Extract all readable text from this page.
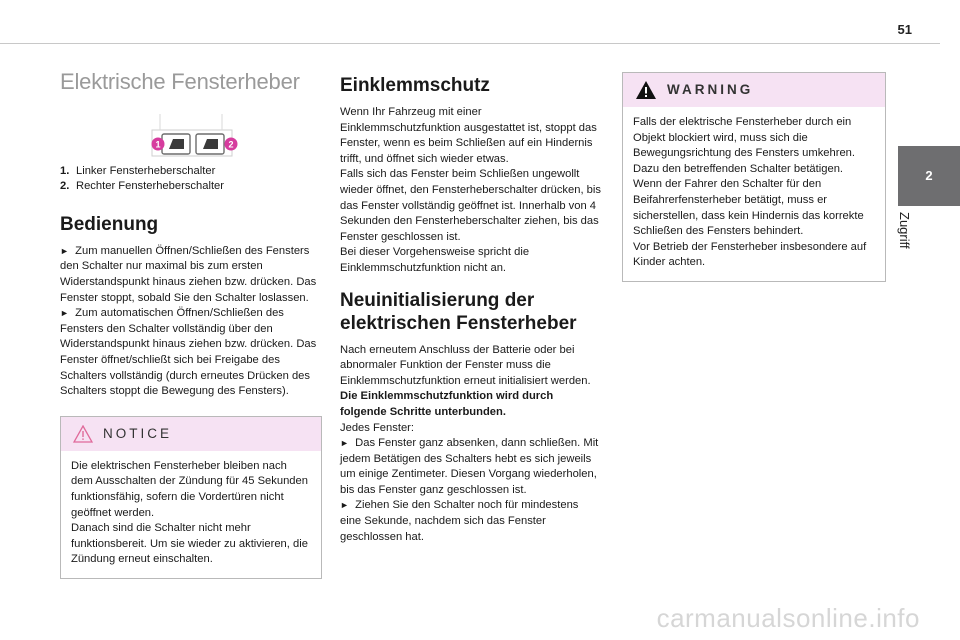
51
2
Zugriff
Elektrische Fensterheber
1	2
1. Linker Fensterheberschalter
2. Rechter Fensterheberschalter
Bedienung

► Zum manuellen Öffnen/Schließen des Fensters den Schalter nur maximal bis zum ersten Widerstandspunkt hinaus ziehen bzw. drücken. Das Fenster stoppt, sobald Sie den Schalter loslassen.

► Zum automatischen Öffnen/Schließen des Fensters den Schalter vollständig über den Widerstandspunkt hinaus ziehen bzw. drücken. Das Fenster öffnet/schließt sich bei Freigabe des Schalters vollständig (durch erneutes Drücken des Schalters stoppt die Bewegung des Fensters).

NOTICE

Die elektrischen Fensterheber bleiben nach dem Ausschalten der Zündung für 45 Sekunden funktionsfähig, sofern die Vordertüren nicht geöffnet werden.

Danach sind die Schalter nicht mehr funktionsbereit. Um sie wieder zu aktivieren, die Zündung erneut einschalten.

Einklemmschutz

Wenn Ihr Fahrzeug mit einer Einklemmschutzfunktion ausgestattet ist, stoppt das Fenster, wenn es beim Schließen auf ein Hindernis trifft, und öffnet sich wieder etwas.

Falls sich das Fenster beim Schließen ungewollt wieder öffnet, den Fensterheberschalter drücken, bis das Fenster vollständig geöffnet ist. Innerhalb von 4 Sekunden den Fensterheberschalter ziehen, bis das Fenster geschlossen ist.

Bei dieser Vorgehensweise spricht die Einklemmschutzfunktion nicht an.

Neuinitialisierung der elektrischen Fensterheber

Nach erneutem Anschluss der Batterie oder bei abnormaler Funktion der Fenster muss die Einklemmschutzfunktion erneut initialisiert werden.

Die Einklemmschutzfunktion wird durch folgende Schritte unterbunden.

Jedes Fenster:

► Das Fenster ganz absenken, dann schließen. Mit jedem Betätigen des Schalters hebt es sich jeweils um einige Zentimeter. Diesen Vorgang wiederholen, bis das Fenster ganz geschlossen ist.

► Ziehen Sie den Schalter noch für mindestens eine Sekunde, nachdem sich das Fenster geschlossen hat.

WARNING

Falls der elektrische Fensterheber durch ein Objekt blockiert wird, muss sich die Bewegungsrichtung des Fensters umkehren. Dazu den betreffenden Schalter betätigen.

Wenn der Fahrer den Schalter für den Beifahrerfensterheber betätigt, muss er sicherstellen, dass kein Hindernis das korrekte Schließen des Fensters behindert.

Vor Betrieb der Fensterheber insbesondere auf Kinder achten.

carmanualsonline.info
